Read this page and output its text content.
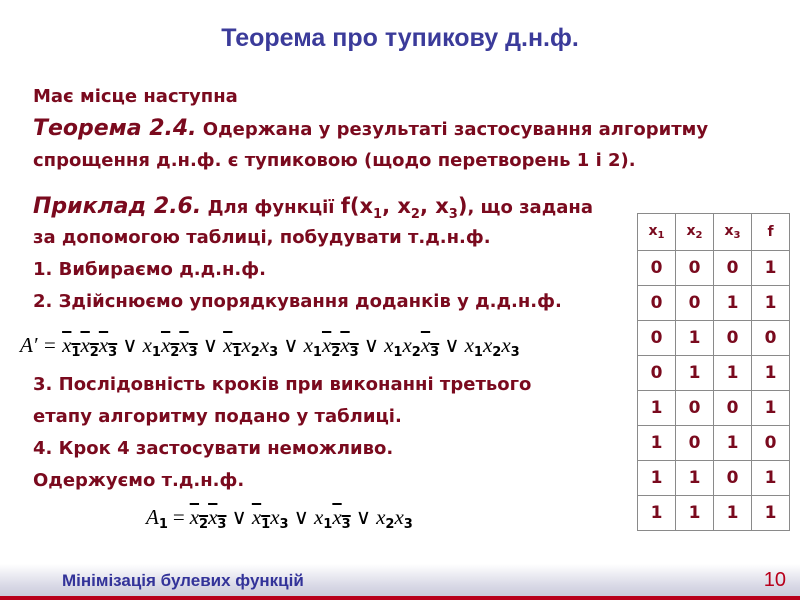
Теорема про тупикову д.н.ф.
Має місце наступна
Теорема 2.4. Одержана у результаті застосування алгоритму
спрощення д.н.ф. є тупиковою (щодо перетворень 1 і 2).
Приклад 2.6. Для функції $f(x_1$, $x_2$, $x_3$), що задана
за допомогою таблиці, побудувати т.д.н.ф.
1. Вибираємо д.д.н.ф.
2. Здійснюємо упорядкування доданків у д.д.н.ф.
$A' = x_1x_2x_3$ ∨ $x_1x_2x_3$ ∨ $x_1x_2x_3$ ∨ $x_1x_2x_3$ ∨ $x_1x_2x_3$ ∨ $x_1x_2x_3$
3. Послідовність кроків при виконанні третього
етапу алгоритму подано у таблиці.
4. Крок 4 застосувати неможливо.
Одержуємо т.д.н.ф.
$A_1 = x_2x_3$ ∨ $x_1x_3$ ∨ $x_1x_3$ ∨ $x_2x_3$
$x_1$	$x_2$	$x_3$	f
0	0	0	1
0	0	1	1
0	1	0	0
0	1	1	1
1	0	0	1
1	0	1	0
1	1	0	1
1	1	1	1
Мінімізація булевих функцій	10
